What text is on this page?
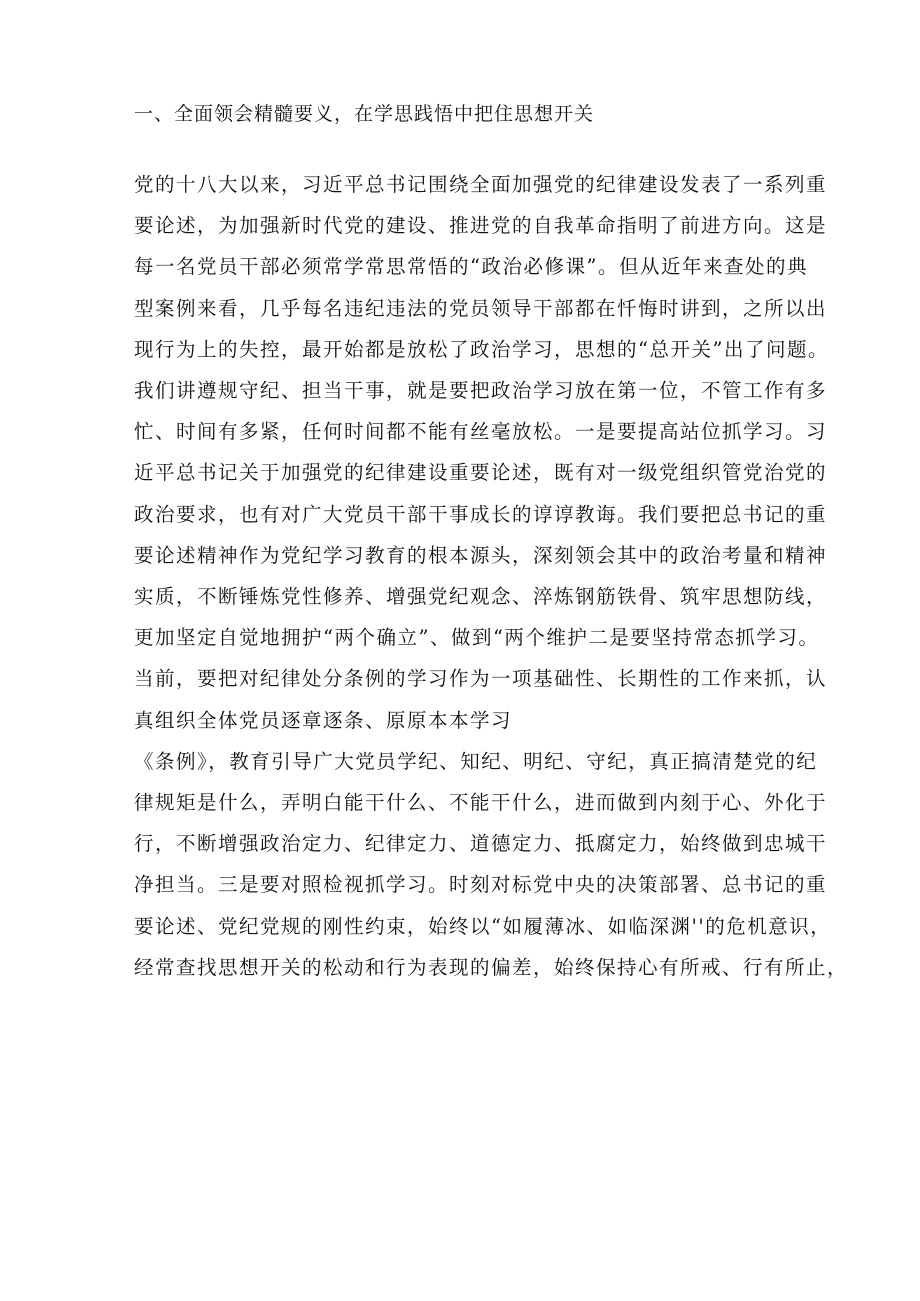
一、全面领会精髓要义，在学思践悟中把住思想开关
党的十八大以来，习近平总书记围绕全面加强党的纪律建设发表了一系列重
要论述，为加强新时代党的建设、推进党的自我革命指明了前进方向。这是
每一名党员干部必须常学常思常悟的“政治必修课”。但从近年来查处的典
型案例来看，几乎每名违纪违法的党员领导干部都在忏悔时讲到，之所以出
现行为上的失控，最开始都是放松了政治学习，思想的“总开关”出了问题。
我们讲遵规守纪、担当干事，就是要把政治学习放在第一位，不管工作有多
忙、时间有多紧，任何时间都不能有丝毫放松。一是要提高站位抓学习。习
近平总书记关于加强党的纪律建设重要论述，既有对一级党组织管党治党的
政治要求，也有对广大党员干部干事成长的谆谆教诲。我们要把总书记的重
要论述精神作为党纪学习教育的根本源头，深刻领会其中的政治考量和精神
实质，不断锤炼党性修养、增强党纪观念、淬炼钢筋铁骨、筑牢思想防线，
更加坚定自觉地拥护“两个确立”、做到“两个维护二是要坚持常态抓学习。
当前，要把对纪律处分条例的学习作为一项基础性、长期性的工作来抓，认
真组织全体党员逐章逐条、原原本本学习
《条例》，教育引导广大党员学纪、知纪、明纪、守纪，真正搞清楚党的纪
律规矩是什么，弄明白能干什么、不能干什么，进而做到内刻于心、外化于
行，不断增强政治定力、纪律定力、道德定力、抵腐定力，始终做到忠城干
净担当。三是要对照检视抓学习。时刻对标党中央的决策部署、总书记的重
要论述、党纪党规的刚性约束，始终以“如履薄冰、如临深渊''的危机意识，
经常查找思想开关的松动和行为表现的偏差，始终保持心有所戒、行有所止，
